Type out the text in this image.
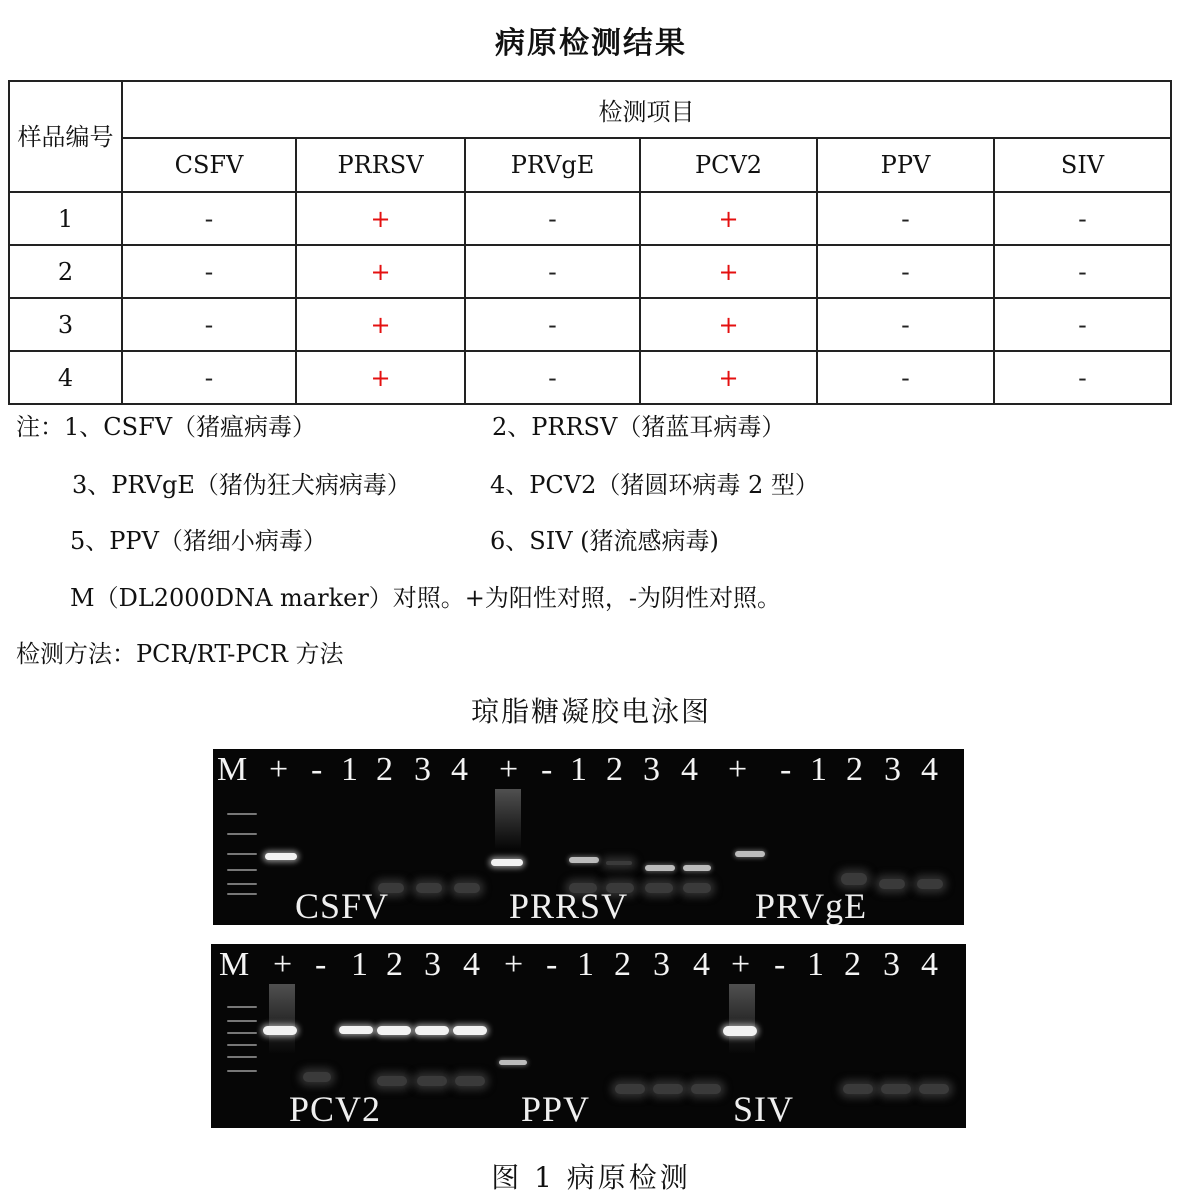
病原检测结果
样品编号	检测项目					
	CSFV	PRRSV	PRVgE	PCV2	PPV	SIV
1	-	+	-	+	-	-
2	-	+	-	+	-	-
3	-	+	-	+	-	-
4	-	+	-	+	-	-
注：1、CSFV（猪瘟病毒）	2、PRRSV（猪蓝耳病毒）
3、PRVgE（猪伪狂犬病病毒）	4、PCV2（猪圆环病毒 2 型）
5、PPV（猪细小病毒）	6、SIV (猪流感病毒)
M（DL2000DNA marker）对照。+为阳性对照，-为阴性对照。
检测方法：PCR/RT-PCR 方法
琼脂糖凝胶电泳图
M + - 1 2 3 4 + - 1 2 3 4 + - 1 2 3 4
CSFV	PRRSV	PRVgE
M + - 1 2 3 4 + - 1 2 3 4 + - 1 2 3 4
PCV2	PPV	SIV
图 1 病原检测
